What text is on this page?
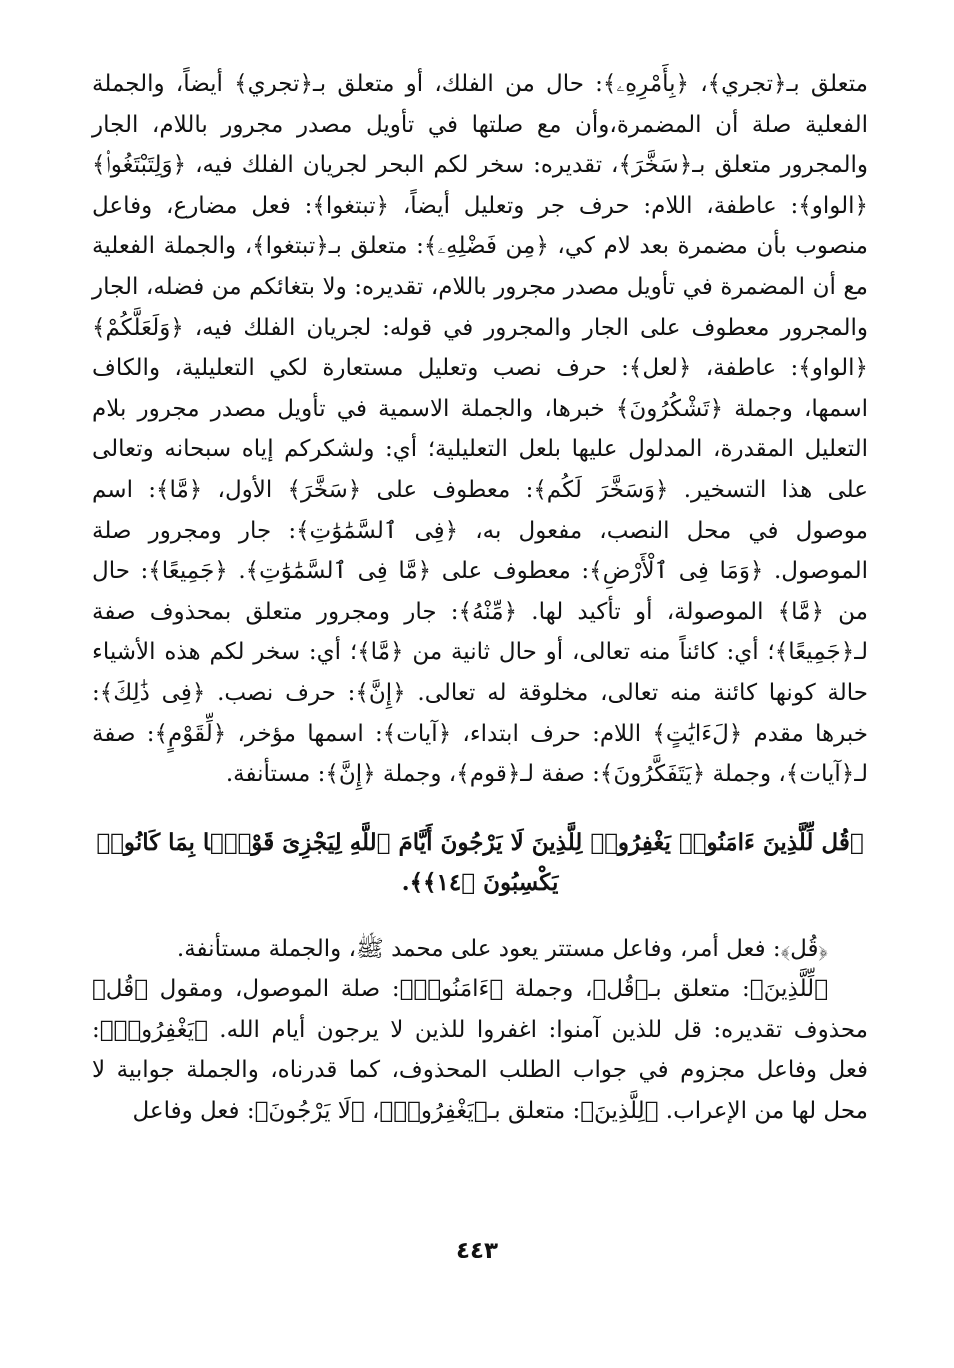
متعلق بـ﴿تجري﴾، ﴿بِأَمْرِهِۦ﴾: حال من الفلك، أو متعلق بـ﴿تجري﴾ أيضاً، والجملة الفعلية صلة أن المضمرة،وأن مع صلتها في تأويل مصدر مجرور باللام، الجار والمجرور متعلق بـ﴿سَخَّرَ﴾، تقديره: سخر لكم البحر لجريان الفلك فيه، ﴿وَلِتَبْتَغُوا۟﴾ ﴿الواو﴾: عاطفة، اللام: حرف جر وتعليل أيضاً، ﴿تبتغوا﴾: فعل مضارع، وفاعل منصوب بأن مضمرة بعد لام كي، ﴿مِن فَضْلِهِۦ﴾: متعلق بـ﴿تبتغوا﴾، والجملة الفعلية مع أن المضمرة في تأويل مصدر مجرور باللام، تقديره: ولا بتغائكم من فضله، الجار والمجرور معطوف على الجار والمجرور في قوله: لجريان الفلك فيه، ﴿وَلَعَلَّكُمْ﴾ ﴿الواو﴾: عاطفة، ﴿لعل﴾: حرف نصب وتعليل مستعارة لكي التعليلية، والكاف اسمها، وجملة ﴿تَشْكُرُونَ﴾ خبرها، والجملة الاسمية في تأويل مصدر مجرور بلام التعليل المقدرة، المدلول عليها بلعل التعليلية؛ أي: ولشكركم إياه سبحانه وتعالى على هذا التسخير. ﴿وَسَخَّرَ لَكُم﴾: معطوف على ﴿سَخَّرَ﴾ الأول، ﴿مَّا﴾: اسم موصول في محل النصب، مفعول به، ﴿فِى ٱلسَّمَٰوَٰتِ﴾: جار ومجرور صلة الموصول. ﴿وَمَا فِى ٱلْأَرْضِ﴾: معطوف على ﴿مَّا فِى ٱلسَّمَٰوَٰتِ﴾. ﴿جَمِيعًا﴾: حال من ﴿مَّا﴾ الموصولة، أو تأكيد لها. ﴿مِّنْهُ﴾: جار ومجرور متعلق بمحذوف صفة لـ﴿جَمِيعًا﴾؛ أي: كائناً منه تعالى، أو حال ثانية من ﴿مَّا﴾؛ أي: سخر لكم هذه الأشياء حالة كونها كائنة منه تعالى، مخلوقة له تعالى. ﴿إِنَّ﴾: حرف نصب. ﴿فِى ذَٰلِكَ﴾: خبرها مقدم ﴿لَءَايَٰتٍ﴾ اللام: حرف ابتداء، ﴿آيات﴾: اسمها مؤخر، ﴿لِّقَوْمٍ﴾: صفة لـ﴿آيات﴾، وجملة ﴿يَتَفَكَّرُونَ﴾: صفة لـ﴿قوم﴾، وجملة ﴿إِنَّ﴾: مستأنفة.

﴿قُل لِّلَّذِينَ ءَامَنُوا۟ يَغْفِرُوا۟ لِلَّذِينَ لَا يَرْجُونَ أَيَّامَ ٱللَّهِ لِيَجْزِىَ قَوْمًۢا بِمَا كَانُوا۟ يَكْسِبُونَ ﴿١٤﴾﴾.

﴿قُل﴾: فعل أمر، وفاعل مستتر يعود على محمد ﷺ، والجملة مستأنفة.

﴿لِّلَّذِينَ﴾: متعلق بـ﴿قُل﴾، وجملة ﴿ءَامَنُوا۟﴾: صلة الموصول، ومقول ﴿قُل﴾ محذوف تقديره: قل للذين آمنوا: اغفروا للذين لا يرجون أيام الله. ﴿يَغْفِرُوا۟﴾: فعل وفاعل مجزوم في جواب الطلب المحذوف، كما قدرناه، والجملة جوابية لا محل لها من الإعراب. ﴿لِلَّذِينَ﴾: متعلق بـ﴿يَغْفِرُوا۟﴾، ﴿لَا يَرْجُونَ﴾: فعل وفاعل

٤٤٣
